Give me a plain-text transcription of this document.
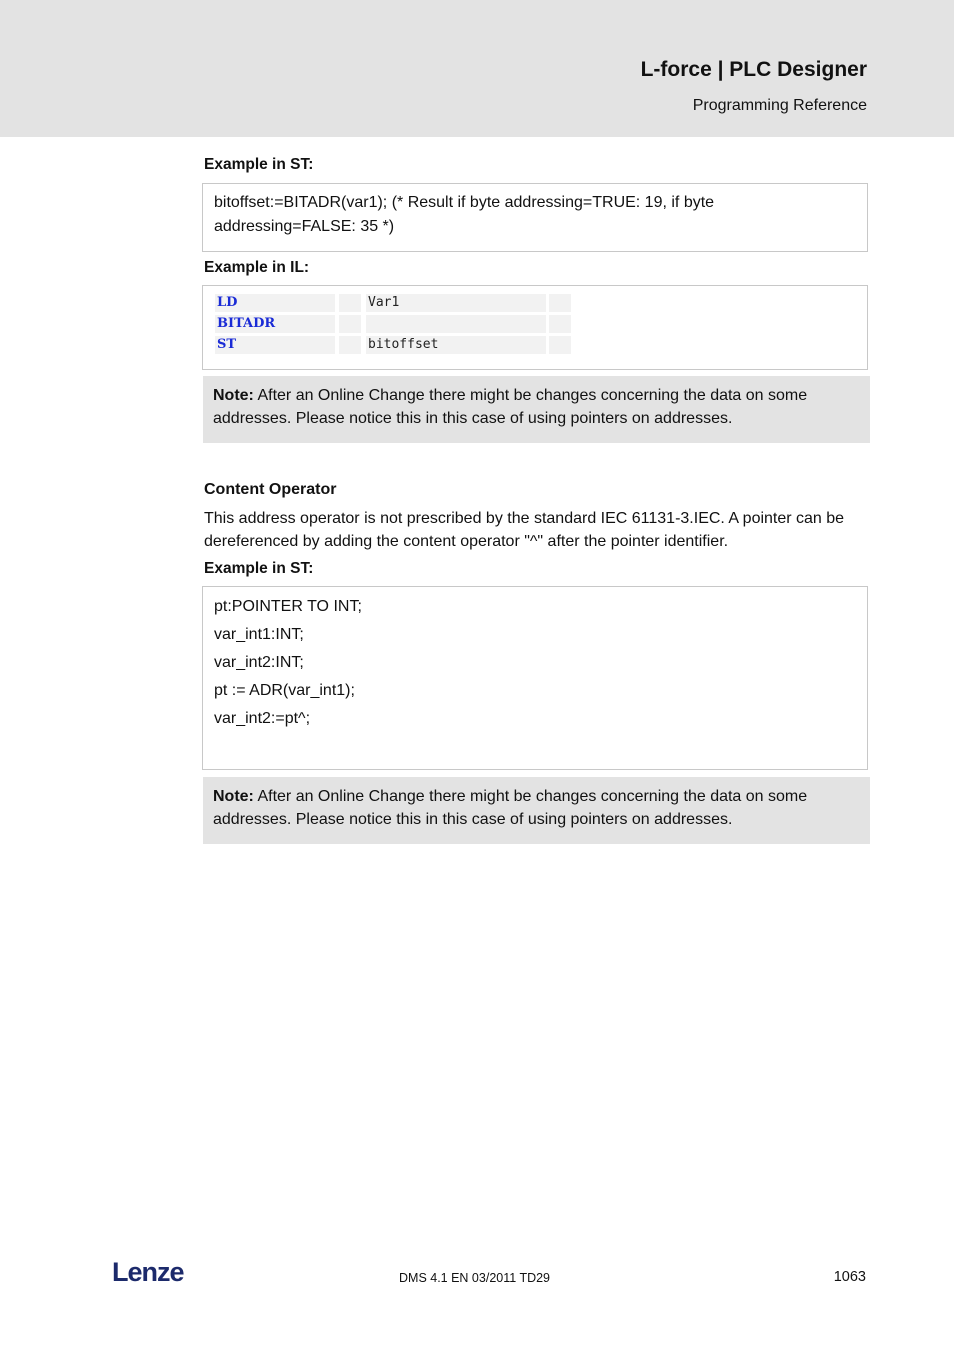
L-force | PLC Designer
Programming Reference
Example in ST:
bitoffset:=BITADR(var1); (* Result if byte addressing=TRUE: 19, if byte
addressing=FALSE: 35 *)
Example in IL:
LD	Var1
BITADR
ST	bitoffset
Note: After an Online Change there might be changes concerning the data on some addresses. Please notice this in this case of using pointers on addresses.
Content Operator
This address operator is not prescribed by the standard IEC 61131-3.IEC. A pointer can be dereferenced by adding the content operator "^" after the pointer identifier.
Example in ST:
pt:POINTER TO INT;
var_int1:INT;
var_int2:INT;
pt := ADR(var_int1);
var_int2:=pt^;
Note: After an Online Change there might be changes concerning the data on some addresses. Please notice this in this case of using pointers on addresses.
Lenze	DMS 4.1 EN 03/2011 TD29	1063
